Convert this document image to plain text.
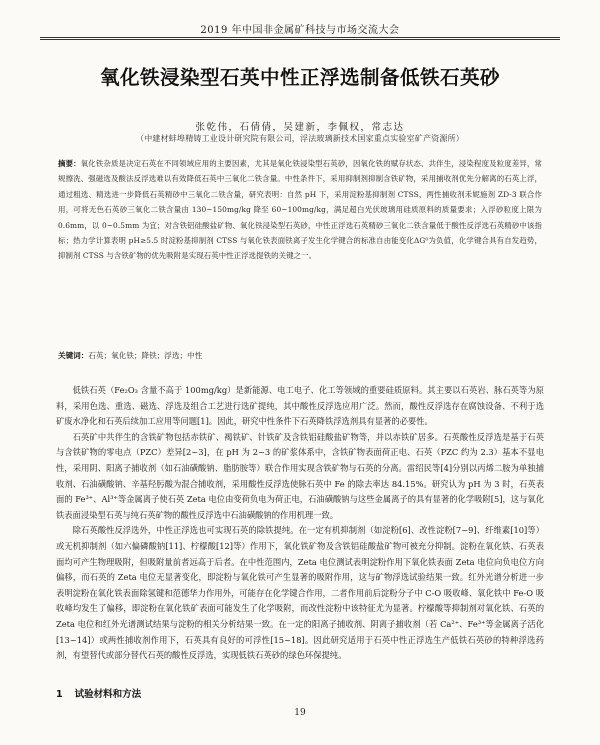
2019 年中国非金属矿科技与市场交流大会
氧化铁浸染型石英中性正浮选制备低铁石英砂
张乾伟，石倩倩，吴建新，李佩权，常志达
（中建材蚌埠精铸工业设计研究院有限公司，浮法玻璃新技术国家重点实验室矿产资源所）
摘要：氧化铁杂质是决定石英在不同领域应用的主要因素，尤其是氧化铁浸染型石英砂，因氧化铁的赋存状态、共伴生，浸染程度及粒度差异，常规擦洗、强磁选及酸法反浮选难以有效降低石英中三氧化二铁含量。中性条件下，采用抑制剂抑制含铁矿物，采用捕收剂优先分解离的石英上浮，通过粗选、精选进一步降低石英精砂中三氧化二铁含量，研究表明：自然 pH 下，采用淀粉基抑制剂 CTSS、两性捕收剂禾妮施剂 ZD-3 联合作用，可将无色石英砂三氧化二铁含量由 130~150mg/kg 降至 60~100mg/kg，满足超白光伏玻璃用硅质原料的质量要求；入浮砂粒度上限为 0.6mm，以 0~0.5mm 为宜；对含铁铝硅酸盐矿物、氧化铁浸染型石英砂，中性正浮选石英精砂三氧化二铁含量低于酸性反浮选石英精砂中该指标；热力学计算表明 pH≥5.5 时淀粉基抑制剂 CTSS 与氧化铁表面铁离子发生化学键合的标准自由能变化ΔG⁰为负值，化学键合具有自发趋势，抑制剂 CTSS 与含铁矿物的优先吸附是实现石英中性正浮选提铁的关键之一。
关键词：石英；氧化铁；降铁；浮选；中性

低铁石英（Fe₂O₃ 含量不高于 100mg/kg）是新能源、电工电子、化工等领域的重要硅质原料。其主要以石英岩、脉石英等为原料，采用色选、重选、磁选、浮选及组合工艺进行选矿提纯，其中酸性反浮选应用广泛。然而，酸性反浮选存在腐蚀设备、不利于选矿废水净化和石英后续加工应用等问题[1]。因此，研究中性条件下石英降铁浮选剂具有显著的必要性。

石英矿中共伴生的含铁矿物包括赤铁矿、褐铁矿、针铁矿及含铁铝硅酸盐矿物等，并以赤铁矿居多。石英酸性反浮选是基于石英与含铁矿物的零电点（PZC）差异[2~3]，在 pH 为 2~3 的矿浆体系中，含铁矿物表面荷正电、石英（PZC 约为 2.3）基本不显电性，采用阴、阳离子捕收剂（如石油磺酸钠、脂肪胺等）联合作用实现含铁矿物与石英的分离。雷绍民等[4]分别以丙烯二胺为单独捕收剂、石油磺酸钠、辛基羟肟酸为混合捕收剂，采用酸性反浮选使脉石英中 Fe 的除去率达 84.15%。研究认为 pH 为 3 时，石英表面的 Fe³⁺、Al³⁺等金属离子使石英 Zeta 电位由变荷负电为荷正电，石油磺酸钠与这些金属离子的具有显著的化学吸附[5]，这与氧化铁表面浸染型石英与纯石英矿物的酸性反浮选中石油磺酸钠的作用机理一致。

除石英酸性反浮选外，中性正浮选也可实现石英的除铁提纯。在一定有机抑制剂（如淀粉[6]、改性淀粉[7~9]、纤维素[10]等）或无机抑制剂（如六偏磷酸钠[11]、柠檬酸[12]等）作用下，氧化铁矿物及含铁铝硅酸盐矿物可被充分抑制。淀粉在氧化铁、石英表面均可产生物理吸附，但吸附量前者远高于后者。在中性范围内，Zeta 电位测试表明淀粉作用下氧化铁表面 Zeta 电位向负电位方向偏移，而石英的 Zeta 电位无显著变化，即淀粉与氧化铁可产生显著的吸附作用，这与矿物浮选试验结果一致。红外光谱分析进一步表明淀粉在氧化铁表面除氢键和范德华力作用外，可能存在化学键合作用，二者作用前后淀粉分子中 C-O 吸收峰、氧化铁中 Fe-O 吸收峰均发生了偏移，即淀粉在氧化铁矿表面可能发生了化学吸附，而改性淀粉中该特征尤为显著。柠檬酸等抑制剂对氧化铁、石英的 Zeta 电位和红外光谱测试结果与淀粉的相关分析结果一致。在一定的阳离子捕收剂、阴离子捕收剂（若 Ca²⁺、Fe³⁺等金属离子活化[13~14]）或两性捕收剂作用下，石英具有良好的可浮性[15~18]。因此研究适用于石英中性正浮选生产低铁石英砂的特种浮选药剂，有望替代或部分替代石英的酸性反浮选，实现低铁石英砂的绿色环保提纯。

1 试验材料和方法
19
